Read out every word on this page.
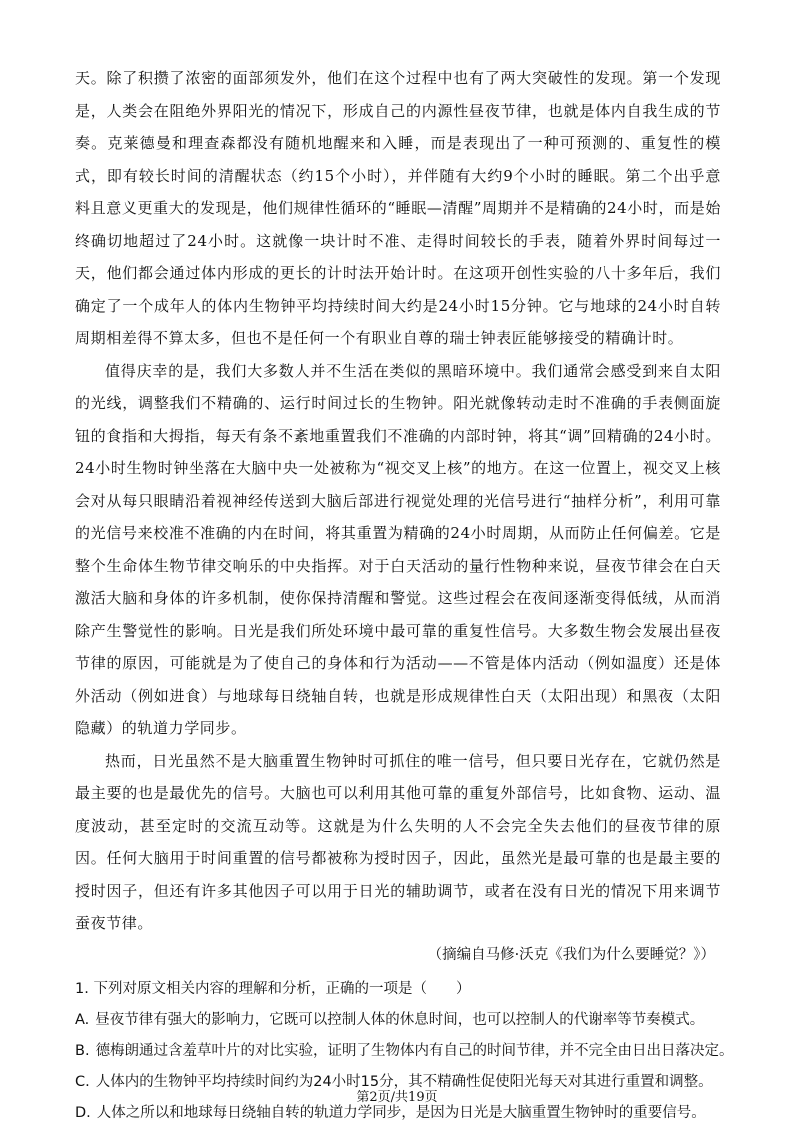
天。除了积攒了浓密的面部须发外，他们在这个过程中也有了两大突破性的发现。第一个发现是，人类会在阻绝外界阳光的情况下，形成自己的内源性昼夜节律，也就是体内自我生成的节奏。克莱德曼和理查森都没有随机地醒来和入睡，而是表现出了一种可预测的、重复性的模式，即有较长时间的清醒状态（约15个小时），并伴随有大约9个小时的睡眠。第二个出乎意料且意义更重大的发现是，他们规律性循环的“睡眠—清醒”周期并不是精确的24小时，而是始终确切地超过了24小时。这就像一块计时不准、走得时间较长的手表，随着外界时间每过一天，他们都会通过体内形成的更长的计时法开始计时。在这项开创性实验的八十多年后，我们确定了一个成年人的体内生物钟平均持续时间大约是24小时15分钟。它与地球的24小时自转周期相差得不算太多，但也不是任何一个有职业自尊的瑞士钟表匠能够接受的精确计时。

值得庆幸的是，我们大多数人并不生活在类似的黑暗环境中。我们通常会感受到来自太阳的光线，调整我们不精确的、运行时间过长的生物钟。阳光就像转动走时不准确的手表侧面旋钮的食指和大拇指，每天有条不紊地重置我们不准确的内部时钟，将其“调”回精确的24小时。24小时生物时钟坐落在大脑中央一处被称为“视交叉上核”的地方。在这一位置上，视交叉上核会对从每只眼睛沿着视神经传送到大脑后部进行视觉处理的光信号进行“抽样分析”，利用可靠的光信号来校准不准确的内在时间，将其重置为精确的24小时周期，从而防止任何偏差。它是整个生命体生物节律交响乐的中央指挥。对于白天活动的量行性物种来说，昼夜节律会在白天激活大脑和身体的许多机制，使你保持清醒和警觉。这些过程会在夜间逐渐变得低绒，从而消除产生警觉性的影响。日光是我们所处环境中最可靠的重复性信号。大多数生物会发展出昼夜节律的原因，可能就是为了使自己的身体和行为活动——不管是体内活动（例如温度）还是体外活动（例如进食）与地球每日绕轴自转，也就是形成规律性白天（太阳出现）和黑夜（太阳隐藏）的轨道力学同步。

热而，日光虽然不是大脑重置生物钟时可抓住的唯一信号，但只要日光存在，它就仍然是最主要的也是最优先的信号。大脑也可以利用其他可靠的重复外部信号，比如食物、运动、温度波动，甚至定时的交流互动等。这就是为什么失明的人不会完全失去他们的昼夜节律的原因。任何大脑用于时间重置的信号都被称为授时因子，因此，虽然光是最可靠的也是最主要的授时因子，但还有许多其他因子可以用于日光的辅助调节，或者在没有日光的情况下用来调节蚕夜节律。

（摘编自马修·沃克《我们为什么要睡觉？》）

1. 下列对原文相关内容的理解和分析，正确的一项是（　　）

A. 昼夜节律有强大的影响力，它既可以控制人体的休息时间，也可以控制人的代谢率等节奏模式。

B. 德梅朗通过含羞草叶片的对比实验，证明了生物体内有自己的时间节律，并不完全由日出日落决定。

C. 人体内的生物钟平均持续时间约为24小时15分，其不精确性促使阳光每天对其进行重置和调整。

D. 人体之所以和地球每日绕轴自转的轨道力学同步，是因为日光是大脑重置生物钟时的重要信号。

第2页/共19页
